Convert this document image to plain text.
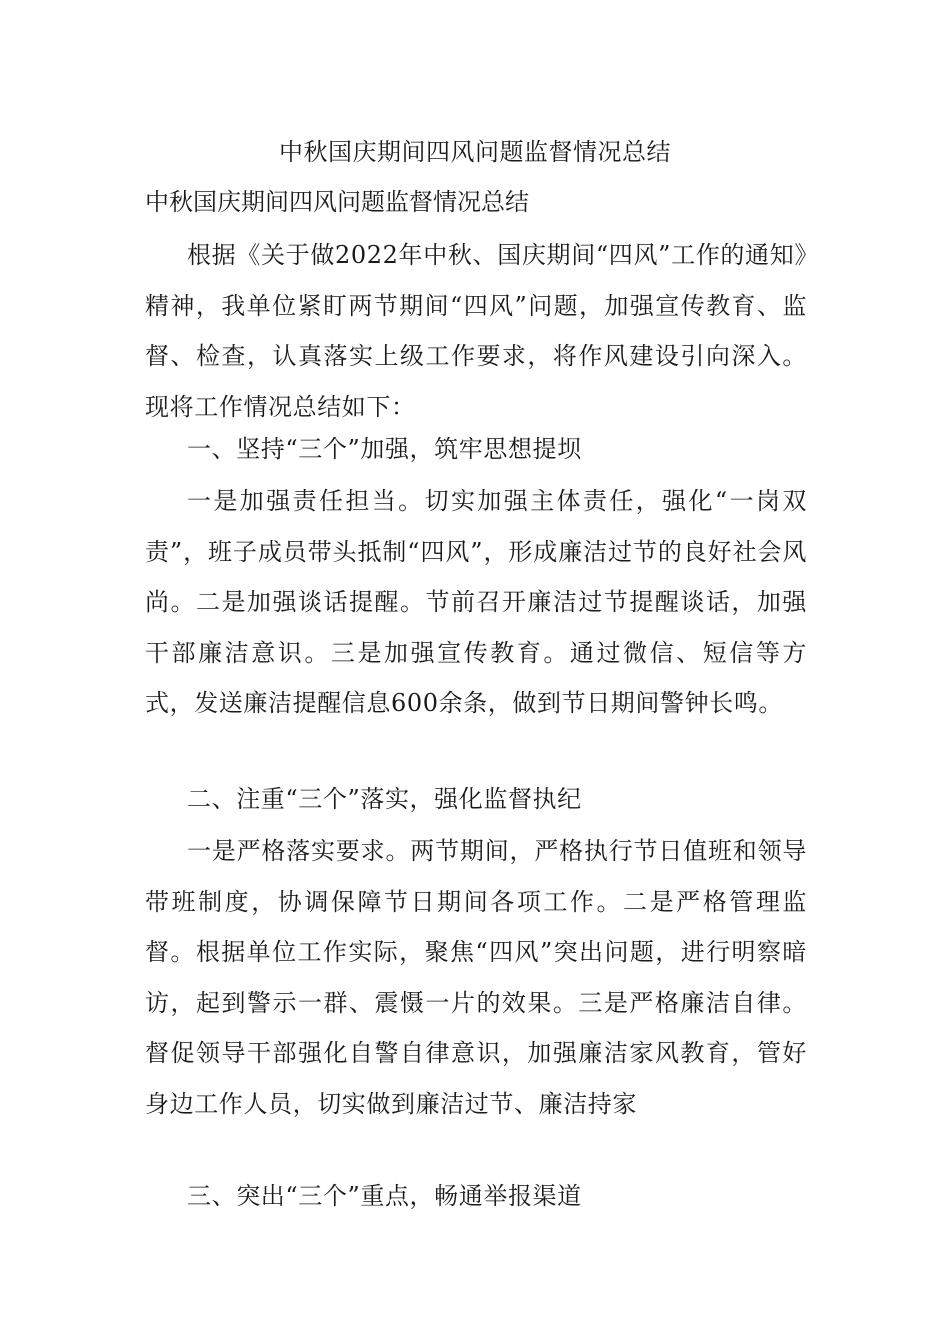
中秋国庆期间四风问题监督情况总结
中秋国庆期间四风问题监督情况总结

根据《关于做2022年中秋、国庆期间“四风”工作的通知》精神，我单位紧盯两节期间“四风”问题，加强宣传教育、监督、检查，认真落实上级工作要求，将作风建设引向深入。现将工作情况总结如下：

一、坚持“三个”加强，筑牢思想提坝

一是加强责任担当。切实加强主体责任，强化“一岗双责”，班子成员带头抵制“四风”，形成廉洁过节的良好社会风尚。二是加强谈话提醒。节前召开廉洁过节提醒谈话，加强干部廉洁意识。三是加强宣传教育。通过微信、短信等方式，发送廉洁提醒信息600余条，做到节日期间警钟长鸣。

二、注重“三个”落实，强化监督执纪

一是严格落实要求。两节期间，严格执行节日值班和领导带班制度，协调保障节日期间各项工作。二是严格管理监督。根据单位工作实际，聚焦“四风”突出问题，进行明察暗访，起到警示一群、震慑一片的效果。三是严格廉洁自律。督促领导干部强化自警自律意识，加强廉洁家风教育，管好身边工作人员，切实做到廉洁过节、廉洁持家

三、突出“三个”重点，畅通举报渠道
